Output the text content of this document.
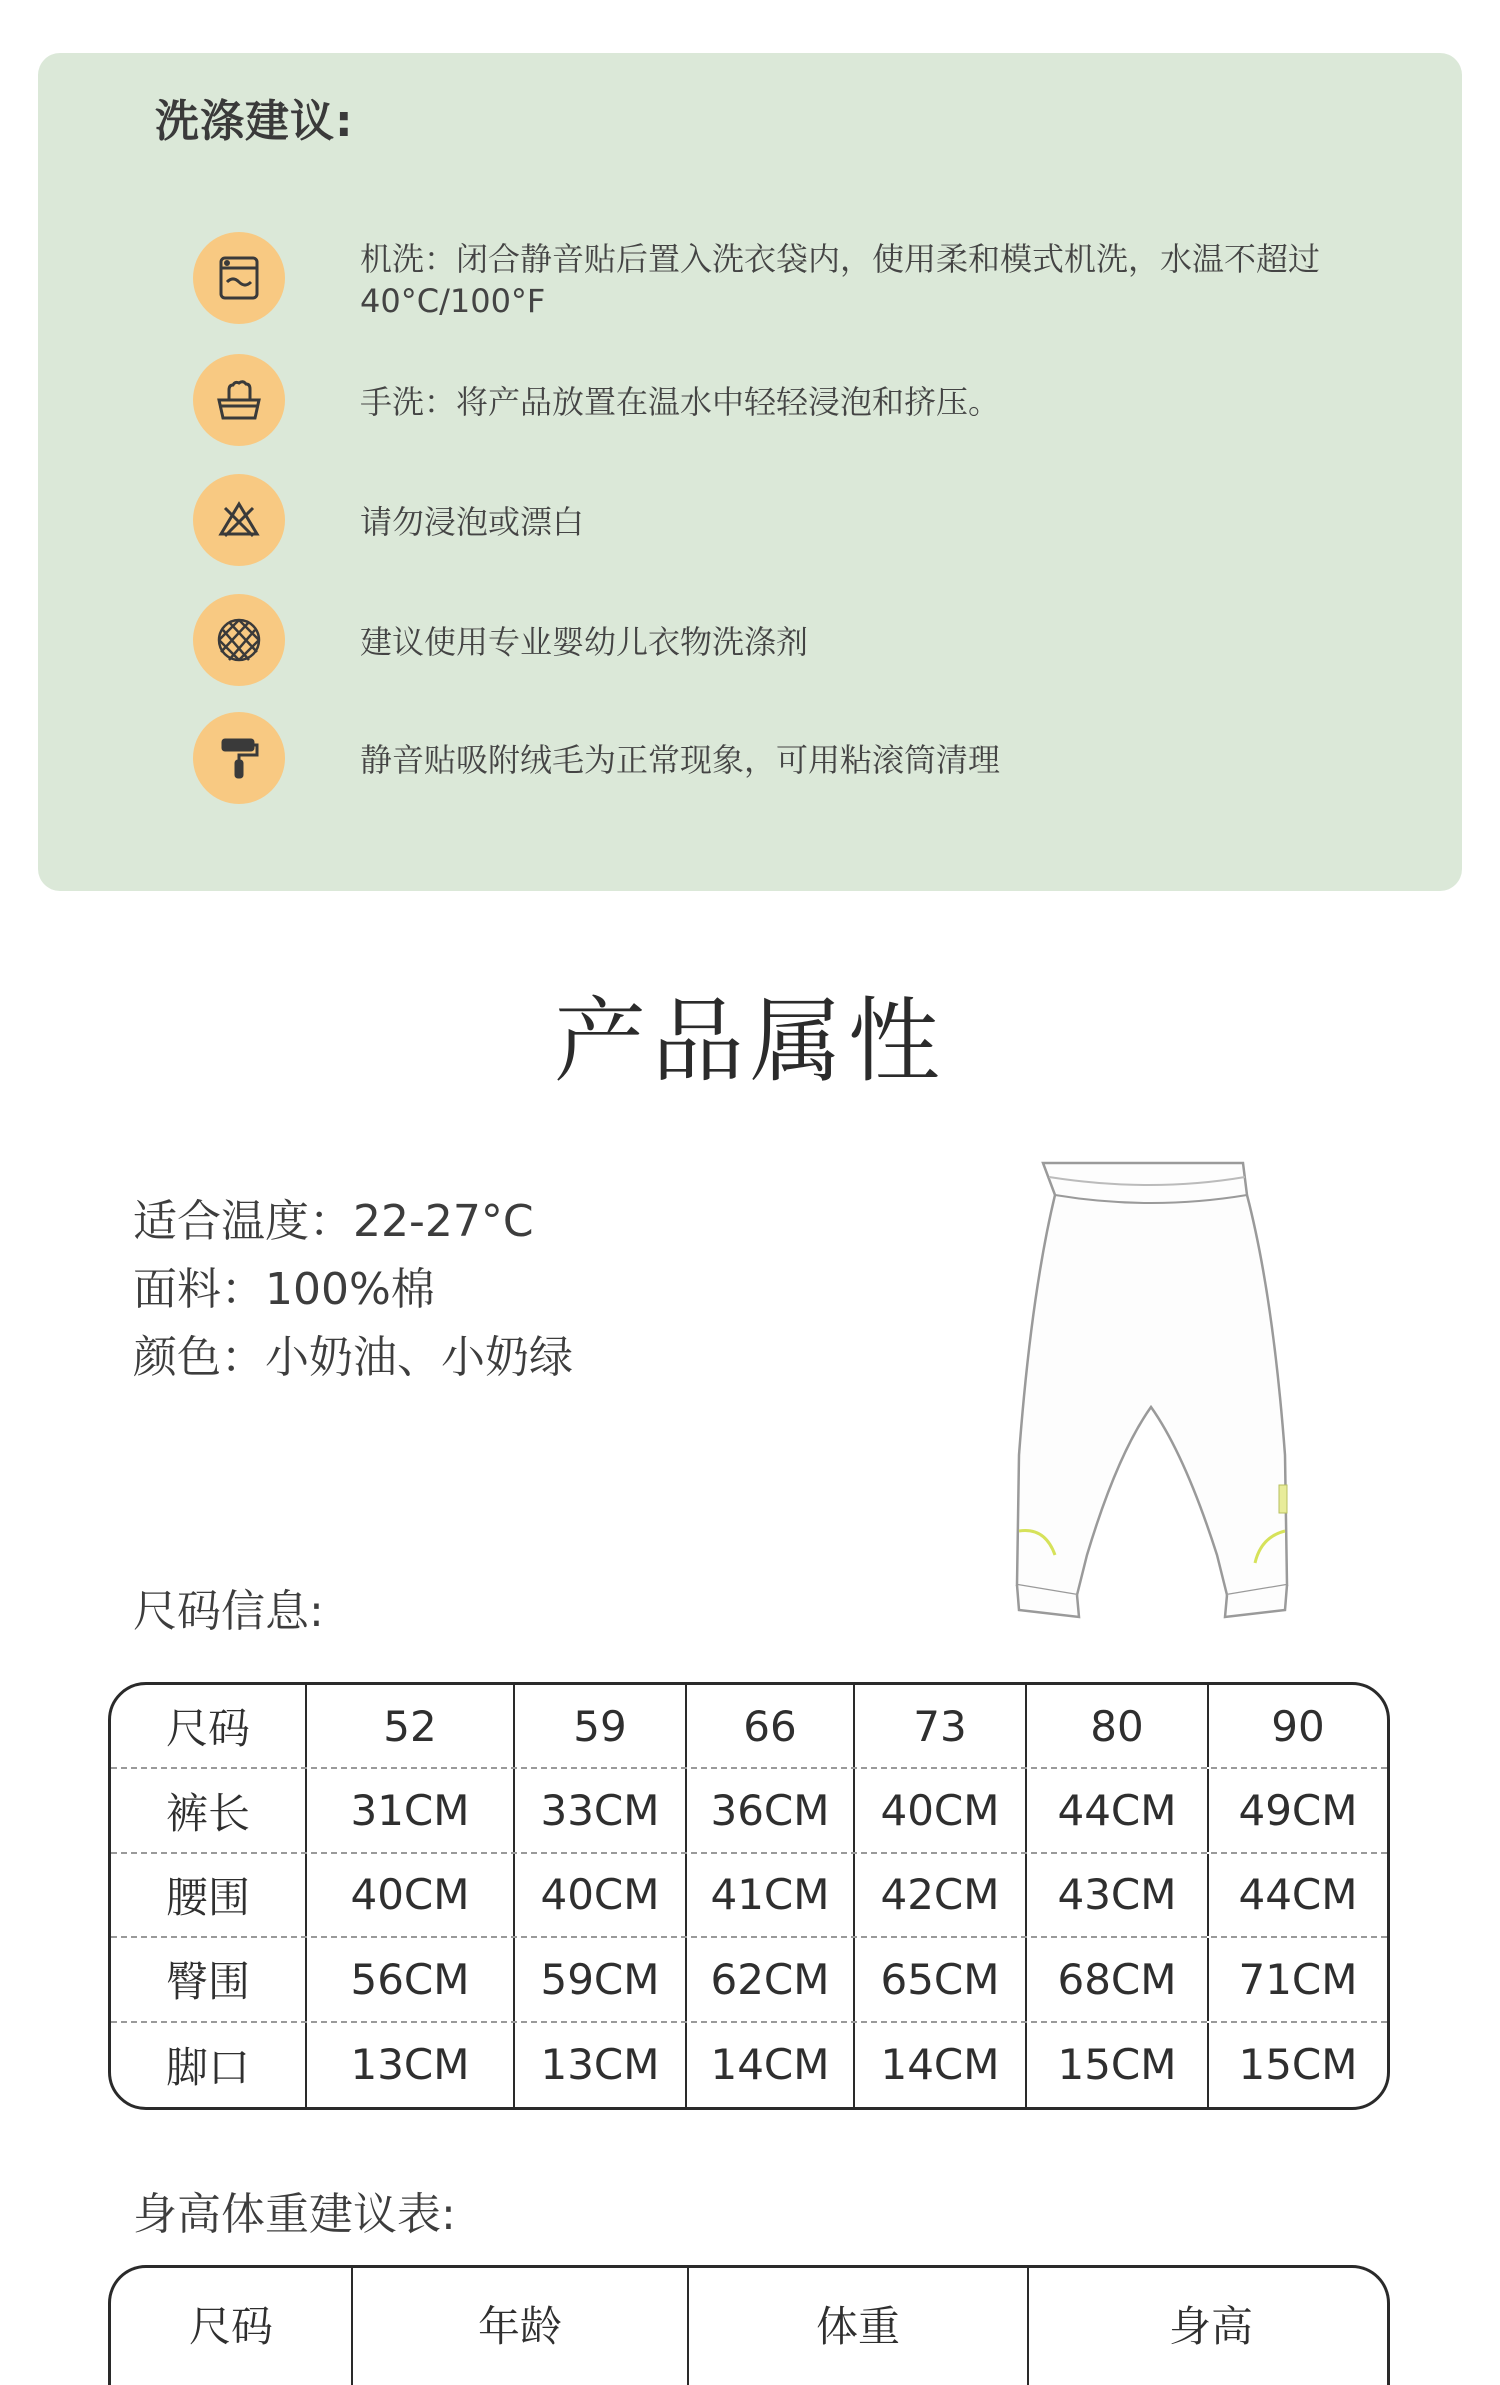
洗涤建议:
机洗：闭合静音贴后置入洗衣袋内，使用柔和模式机洗，水温不超过40°C/100°F
手洗：将产品放置在温水中轻轻浸泡和挤压。
请勿浸泡或漂白
建议使用专业婴幼儿衣物洗涤剂
静音贴吸附绒毛为正常现象，可用粘滚筒清理
产品属性
适合温度：22-27°C
面料：100%棉
颜色：小奶油、小奶绿
尺码信息:
尺码	52	59	66	73	80	90
裤长	31CM	33CM	36CM	40CM	44CM	49CM
腰围	40CM	40CM	41CM	42CM	43CM	44CM
臀围	56CM	59CM	62CM	65CM	68CM	71CM
脚口	13CM	13CM	14CM	14CM	15CM	15CM
身高体重建议表:
尺码	年龄	体重	身高
